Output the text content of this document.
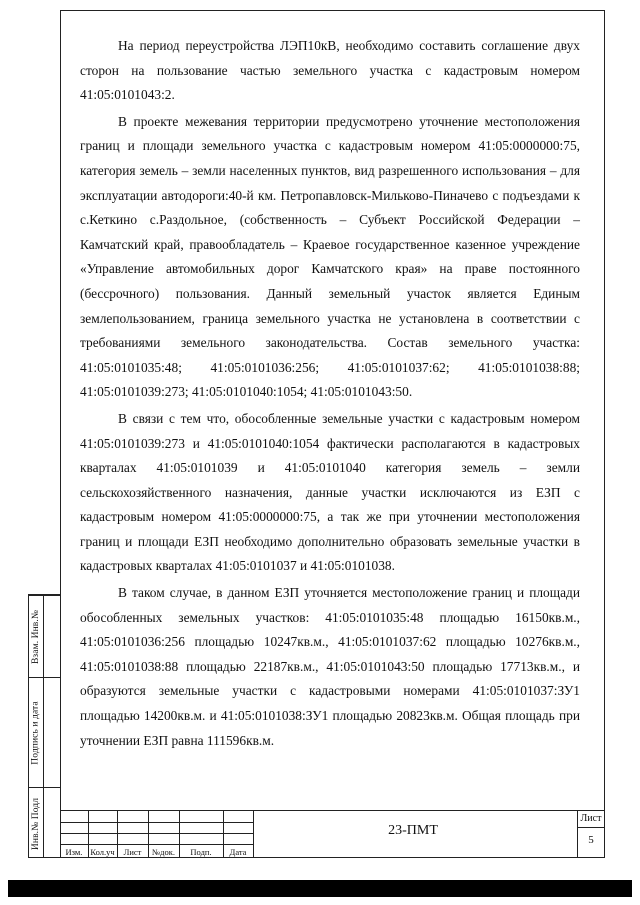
На период переустройства ЛЭП10кВ, необходимо составить соглашение двух сторон на пользование частью земельного участка с кадастровым номером 41:05:0101043:2.

В проекте межевания территории предусмотрено уточнение местоположения границ и площади земельного участка с кадастровым номером 41:05:0000000:75, категория земель – земли населенных пунктов, вид разрешенного использования – для эксплуатации автодороги:40-й км. Петропавловск-Мильково-Пиначево с подъездами к с.Кеткино с.Раздольное, (собственность – Субъект Российской Федерации – Камчатский край, правообладатель – Краевое государственное казенное учреждение «Управление автомобильных дорог Камчатского края» на праве постоянного (бессрочного) пользования. Данный земельный участок является Единым землепользованием, граница земельного участка не установлена в соответствии с требованиями земельного законодательства. Состав земельного участка: 41:05:0101035:48; 41:05:0101036:256; 41:05:0101037:62; 41:05:0101038:88; 41:05:0101039:273; 41:05:0101040:1054; 41:05:0101043:50.

В связи с тем что, обособленные земельные участки с кадастровым номером 41:05:0101039:273 и 41:05:0101040:1054 фактически располагаются в кадастровых кварталах 41:05:0101039 и 41:05:0101040 категория земель – земли сельскохозяйственного назначения, данные участки исключаются из ЕЗП с кадастровым номером 41:05:0000000:75, а так же при уточнении местоположения границ и площади ЕЗП необходимо дополнительно образовать земельные участки в кадастровых кварталах 41:05:0101037 и 41:05:0101038.

В таком случае, в данном ЕЗП уточняется местоположение границ и площади обособленных земельных участков: 41:05:0101035:48 площадью 16150кв.м., 41:05:0101036:256 площадью 10247кв.м., 41:05:0101037:62 площадью 10276кв.м., 41:05:0101038:88 площадью 22187кв.м., 41:05:0101043:50 площадью 17713кв.м., и образуются земельные участки с кадастровыми номерами 41:05:0101037:ЗУ1 площадью 14200кв.м. и 41:05:0101038:ЗУ1 площадью 20823кв.м. Общая площадь при уточнении ЕЗП равна 111596кв.м.

Взам. Инв.№
Подпись и дата
Инв.№ Подл
Изм. Кол.уч	Лист	№док.	Подп.	Дата
23-ПМТ
Лист
5
